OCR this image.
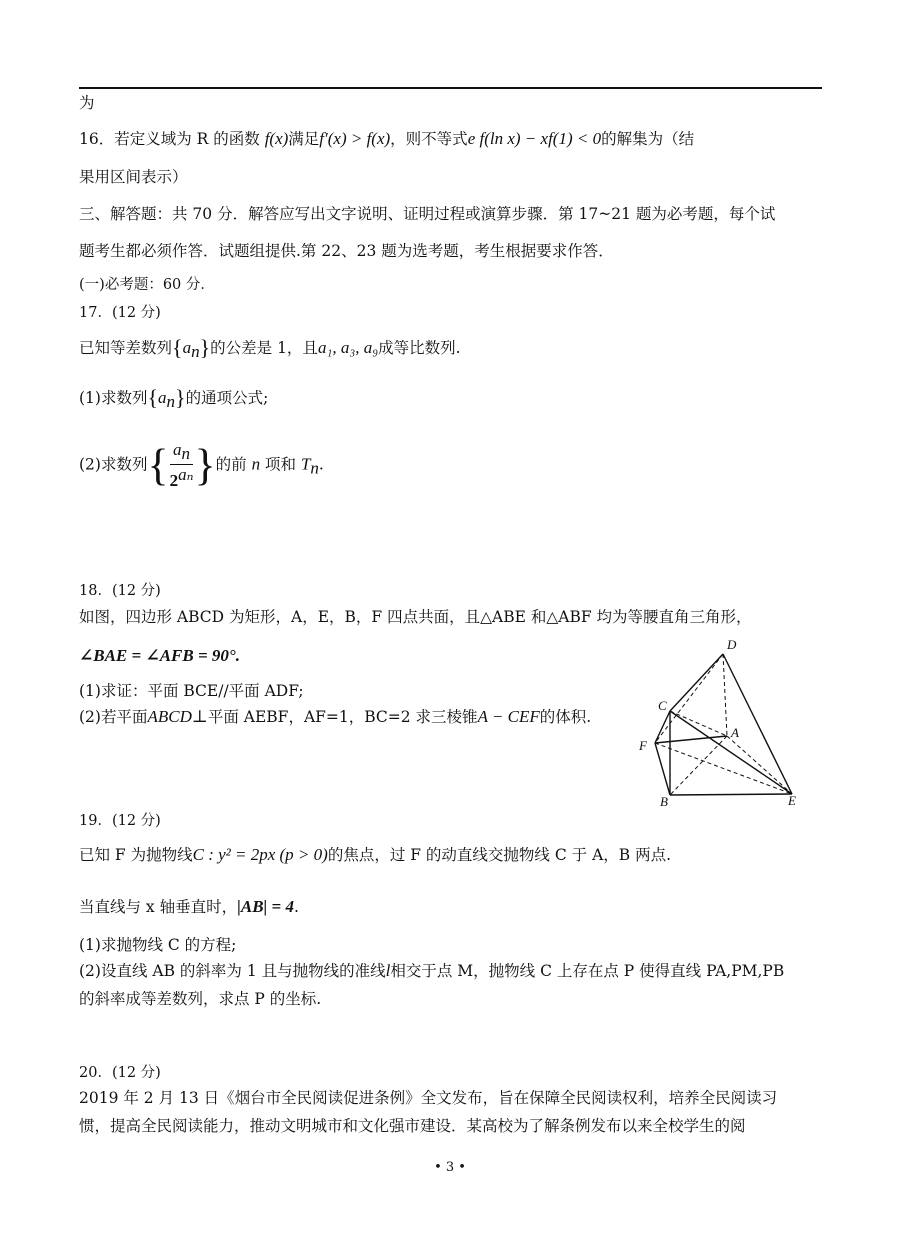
为
16．若定义域为 R 的函数 f(x)满足f′(x) > f(x)，则不等式e f(ln x) − xf(1) < 0的解集为（结
果用区间表示）
三、解答题：共 70 分．解答应写出文字说明、证明过程或演算步骤．第 17~21 题为必考题，每个试
题考生都必须作答．试题组提供.第 22、23 题为选考题，考生根据要求作答．
(一)必考题：60 分．
17．(12 分)
已知等差数列$\{a_n\}$的公差是 1，且a₁, a₃, a₉成等比数列.
(1)求数列$\{a_n\}$的通项公式;
(2)求数列{ $\frac{a_n}{2^{a_n}}$ }的前 n 项和 $T_n$.
18．(12 分)
如图，四边形 ABCD 为矩形，A，E，B，F 四点共面，且△ABE 和△ABF 均为等腰直角三角形，
∠BAE = ∠AFB = 90°.
(1)求证：平面 BCE//平面 ADF;
(2)若平面ABCD⊥平面 AEBF，AF=1，BC=2 求三棱锥A − CEF的体积.
D
C
A
F
B	E
19．(12 分)
已知 F 为抛物线C : y² = 2px (p > 0)的焦点，过 F 的动直线交抛物线 C 于 A，B 两点.
当直线与 x 轴垂直时，|AB| = 4.
(1)求抛物线 C 的方程;
(2)设直线 AB 的斜率为 1 且与抛物线的准线l相交于点 M，抛物线 C 上存在点 P 使得直线 PA,PM,PB
的斜率成等差数列，求点 P 的坐标.
20．(12 分)
2019 年 2 月 13 日《烟台市全民阅读促进条例》全文发布，旨在保障全民阅读权利，培养全民阅读习
惯，提高全民阅读能力，推动文明城市和文化强市建设．某高校为了解条例发布以来全校学生的阅
• 3 •
